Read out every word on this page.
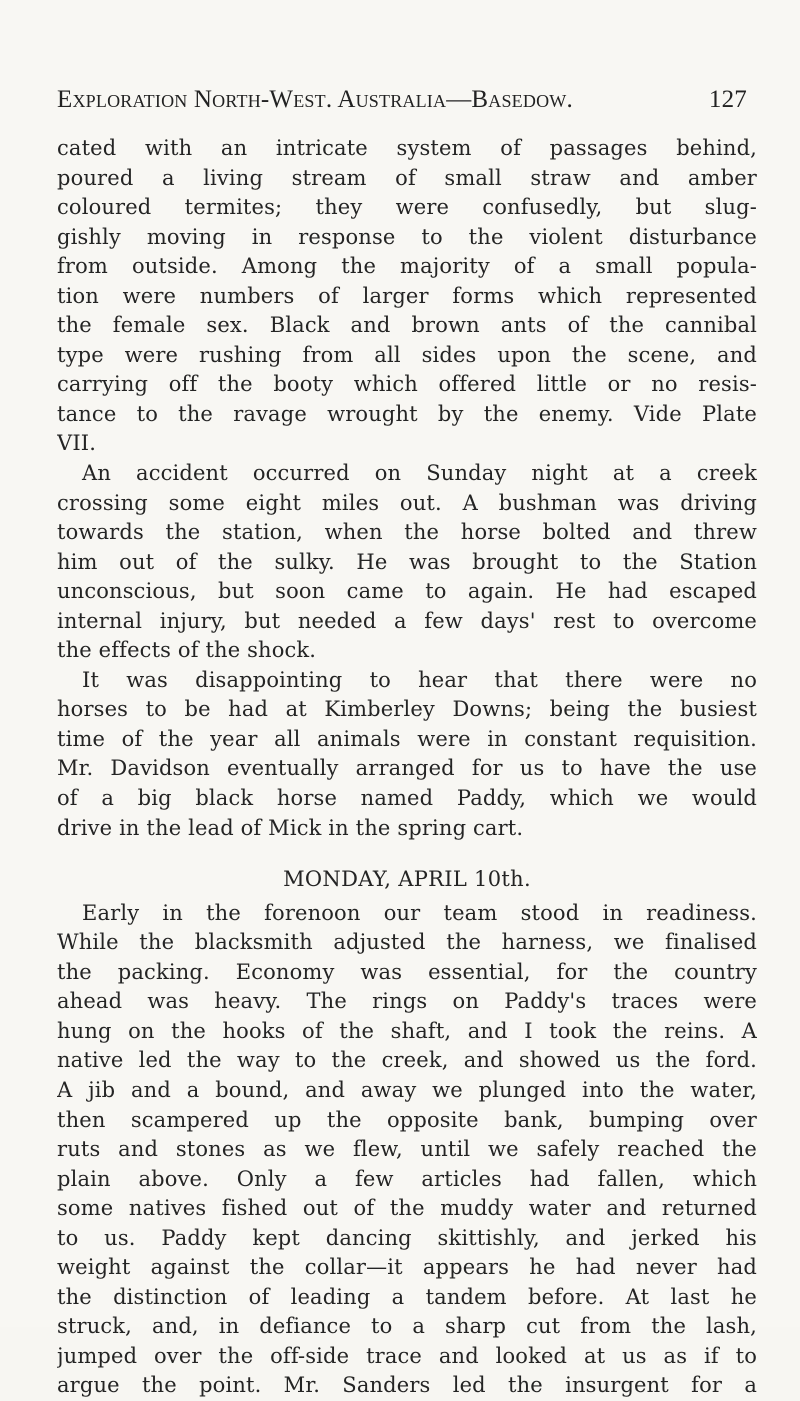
Exploration North-West. Australia—Basedow.	127
cated with an intricate system of passages behind,
poured a living stream of small straw and amber
coloured termites; they were confusedly, but slug-
gishly moving in response to the violent disturbance
from outside. Among the majority of a small popula-
tion were numbers of larger forms which represented
the female sex. Black and brown ants of the cannibal
type were rushing from all sides upon the scene, and
carrying off the booty which offered little or no resis-
tance to the ravage wrought by the enemy. Vide Plate
VII.
An accident occurred on Sunday night at a creek
crossing some eight miles out. A bushman was driving
towards the station, when the horse bolted and threw
him out of the sulky. He was brought to the Station
unconscious, but soon came to again. He had escaped
internal injury, but needed a few days' rest to overcome
the effects of the shock.
It was disappointing to hear that there were no
horses to be had at Kimberley Downs; being the busiest
time of the year all animals were in constant requisition.
Mr. Davidson eventually arranged for us to have the use
of a big black horse named Paddy, which we would
drive in the lead of Mick in the spring cart.
MONDAY, APRIL 10th.
Early in the forenoon our team stood in readiness.
While the blacksmith adjusted the harness, we finalised
the packing. Economy was essential, for the country
ahead was heavy. The rings on Paddy's traces were
hung on the hooks of the shaft, and I took the reins. A
native led the way to the creek, and showed us the ford.
A jib and a bound, and away we plunged into the water,
then scampered up the opposite bank, bumping over
ruts and stones as we flew, until we safely reached the
plain above. Only a few articles had fallen, which
some natives fished out of the muddy water and returned
to us. Paddy kept dancing skittishly, and jerked his
weight against the collar—it appears he had never had
the distinction of leading a tandem before. At last he
struck, and, in defiance to a sharp cut from the lash,
jumped over the off-side trace and looked at us as if to
argue the point. Mr. Sanders led the insurgent for a
